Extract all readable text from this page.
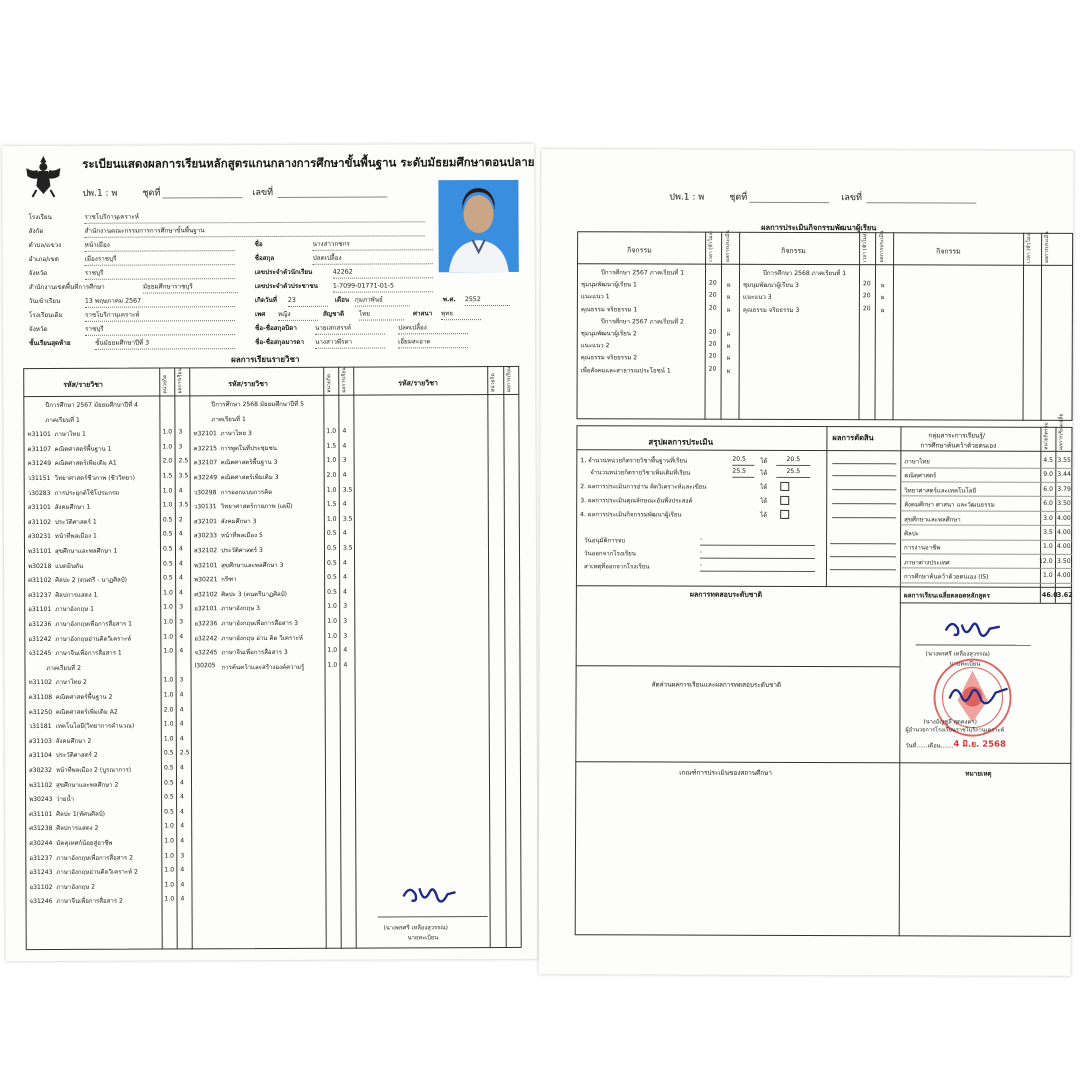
ระเบียนแสดงผลการเรียนหลักสูตรแกนกลางการศึกษาขั้นพื้นฐาน ระดับมัธยมศึกษาตอนปลาย
ปพ.1 : พ	ชุดที่	เลขที่
โรงเรียน	ราชโบริกานุเคราะห์
สังกัด	สำนักงานคณะกรรมการการศึกษาขั้นพื้นฐาน
ตำบล/แขวง	หน้าเมือง
อำเภอ/เขต	เมืองราชบุรี
จังหวัด	ราชบุรี
สำนักงานเขตพื้นที่การศึกษา	มัธยมศึกษาราชบุรี
วันเข้าเรียน	13 พฤษภาคม 2567
โรงเรียนเดิม	ราชโบริกานุเคราะห์
จังหวัด	ราชบุรี
ชั้นเรียนสุดท้าย	ชั้นมัธยมศึกษาปีที่ 3
ชื่อ	นางสาวกชกร
ชื่อสกุล	ปลดเปลื้อง
เลขประจำตัวนักเรียน	42262
เลขประจำตัวประชาชน 1-7099-01771-01-5
เกิดวันที่ 23	เดือน กุมภาพันธ์	พ.ศ. 2552
เพศ หญิง	สัญชาติ ไทย	ศาสนา พุทธ
ชื่อ-ชื่อสกุลบิดา	นายเสกสรรค์	ปลดเปลื้อง
ชื่อ-ชื่อสกุลมารดา นางสาวพีรดา	เอี่ยมสะอาด
ผลการเรียนรายวิชา
รหัส/รายวิชา	รหัส/รายวิชา	รหัส/รายวิชา
หน่วยกิต ผลการเรียน	หน่วยกิต ผลการเรียน	หน่วยกิต ผลการเรียน
ปีการศึกษา 2567 มัธยมศึกษาปีที่ 4
ภาคเรียนที่ 1
ท31101 ภาษาไทย 1	1.0 3
ค31107 คณิตศาสตร์พื้นฐาน 1	1.0 3
ค31249 คณิตศาสตร์เพิ่มเติม A1	2.0 2.5
ว31151 วิทยาศาสตร์ชีวภาพ (ชีววิทยา)	1.5 3.5
ว30283 การประยุกต์ใช้โปรแกรม	1.0 4
ส31101 สังคมศึกษา 1	1.0 3.5
ส31102 ประวัติศาสตร์ 1	0.5 2
ส30231 หน้าที่พลเมือง 1	0.5 4
พ31101 สุขศึกษาและพลศึกษา 1	0.5 4
พ30218 แบดมินตัน	0.5 4
ศ31102 ศิลปะ 2 (ดนตรี - นาฏศิลป์)	0.5 4
ศ31237 ศิลปการแสดง 1	1.0 4
อ31101 ภาษาอังกฤษ 1	1.0 3
อ31236 ภาษาอังกฤษเพื่อการสื่อสาร 1	1.0 3
อ31242 ภาษาอังกฤษอ่านคิดวิเคราะห์	1.0 4
จ31245 ภาษาจีนเพื่อการสื่อสาร 1	1.0 4
ภาคเรียนที่ 2
ท31102 ภาษาไทย 2	1.0 3
ค31108 คณิตศาสตร์พื้นฐาน 2	1.0 4
ค31250 คณิตศาสตร์เพิ่มเติม A2	2.0 4
ว31181 เทคโนโลยี(วิทยาการคำนวณ)	1.0 4
ส31103 สังคมศึกษา 2	1.0 4
ส31104 ประวัติศาสตร์ 2	0.5 2.5
ส30232 หน้าที่พลเมือง 2 (บูรณาการ)	0.5 4
พ31102 สุขศึกษาและพลศึกษา 2	0.5 4
พ30243 ว่ายน้ำ	0.5 4
ศ31101 ศิลปะ 1(ทัศนศิลป์)	0.5 4
ศ31238 ศิลปการแสดง 2	1.0 4
ส30244 มัคคุเทศก์น้อยสู่อาชีพ	1.0 4
อ31237 ภาษาอังกฤษเพื่อการสื่อสาร 2	1.0 3
อ31243 ภาษาอังกฤษอ่านคิดวิเคราะห์ 2	1.0 4
อ31102 ภาษาอังกฤษ 2	1.0 4
จ31246 ภาษาจีนเพื่อการสื่อสาร 2	1.0 4
ปีการศึกษา 2568 มัธยมศึกษาปีที่ 5
ภาคเรียนที่ 1
ท32101 ภาษาไทย 3	1.0 4
ค32215 การพูดในที่ประชุมชน	1.5 4
ค32107 คณิตศาสตร์พื้นฐาน 3	1.0 3
ค32249 คณิตศาสตร์เพิ่มเติม 3	2.0 4
ว30298 การออกแบบการคิด	1.0 3.5
ว30131 วิทยาศาสตร์กายภาพ (เคมี)	1.5 4
ส32101 สังคมศึกษา 3	1.0 3.5
ส30233 หน้าที่พลเมือง 5	0.5 4
ส32102 ประวัติศาสตร์ 3	0.5 3.5
พ32101 สุขศึกษาและพลศึกษา 3	0.5 4
พ30221 กรีฑา	0.5 4
ศ32102 ศิลปะ 3 (ดนตรีนาฏศิลป์)	0.5 4
อ32101 ภาษาอังกฤษ 3	1.0 3
อ32236 ภาษาอังกฤษเพื่อการสื่อสาร 3	1.0 3
อ32242 ภาษาอังกฤษ อ่าน คิด วิเคราะห์	1.0 3
จ32245 ภาษาจีนเพื่อการสื่อสาร 3	1.0 4
I30205 การค้นคว้าและสร้างองค์ความรู้	1.0 4
(นางพรศรี เหลืองสุวรรณ)
นายทะเบียน
ปพ.1 : พ	ชุดที่	เลขที่
ผลการประเมินกิจกรรมพัฒนาผู้เรียน
กิจกรรม	กิจกรรม	กิจกรรม
เวลา (ชั่วโมง) ผลการประเมิน	เวลา (ชั่วโมง) ผลการประเมิน	เวลา (ชั่วโมง) ผลการประเมิน
ปีการศึกษา 2567 ภาคเรียนที่ 1
ชุมนุมพัฒนาผู้เรียน 1	20 ผ
แนะแนว 1	20 ผ
คุณธรรม จริยธรรม 1	20 ผ
ปีการศึกษา 2567 ภาคเรียนที่ 2
ชุมนุมพัฒนาผู้เรียน 2	20 ผ
แนะแนว 2	20 ผ
คุณธรรม จริยธรรม 2	20 ผ
เพื่อสังคมและสาธารณประโยชน์ 1	20 ผ
ปีการศึกษา 2568 ภาคเรียนที่ 1
ชุมนุมพัฒนาผู้เรียน 3	20 ผ
แนะแนว 3	20 ผ
คุณธรรม จริยธรรม 3	20 ผ
สรุปผลการประเมิน	ผลการตัดสิน	กลุ่มสาระการเรียนรู้/
การศึกษาค้นคว้าด้วยตนเอง	หน่วยกิตรวม ผลการเรียนเฉลี่ย
1. จำนวนหน่วยกิตรายวิชาพื้นฐานที่เรียน	20.5	ได้	20.5
จำนวนหน่วยกิตรายวิชาเพิ่มเติมที่เรียน	25.5	ได้	25.5
2. ผลการประเมินการอ่าน คิดวิเคราะห์และเขียน	ได้
3. ผลการประเมินคุณลักษณะอันพึงประสงค์	ได้
4. ผลการประเมินกิจกรรมพัฒนาผู้เรียน	ได้
วันอนุมัติการจบ	-
วันออกจากโรงเรียน	-
สาเหตุที่ออกจากโรงเรียน	-
ภาษาไทย	4.5 3.55
คณิตศาสตร์	9.0 3.44
วิทยาศาสตร์และเทคโนโลยี	6.0 3.79
สังคมศึกษา ศาสนา และวัฒนธรรม	6.0 3.50
สุขศึกษาและพลศึกษา	3.0 4.00
ศิลปะ	3.5 4.00
การงานอาชีพ	1.0 4.00
ภาษาต่างประเทศ	12.0 3.50
การศึกษาค้นคว้าด้วยตนเอง (IS)	1.0 4.00
ผลการเรียนเฉลี่ยตลอดหลักสูตร	46.0 3.62
ผลการทดสอบระดับชาติ
สัดส่วนผลการเรียนและผลการทดสอบระดับชาติ
เกณฑ์การประเมินของสถานศึกษา	หมายเหตุ
(นางพรศรี เหลืองสุวรรณ)
นายทะเบียน
(นางอัญชุลี สุดคงคา)
ผู้อำนวยการโรงเรียนราชโบริกานุเคราะห์
วันที่......เดือน....... 4 มิ.ย. 2568
